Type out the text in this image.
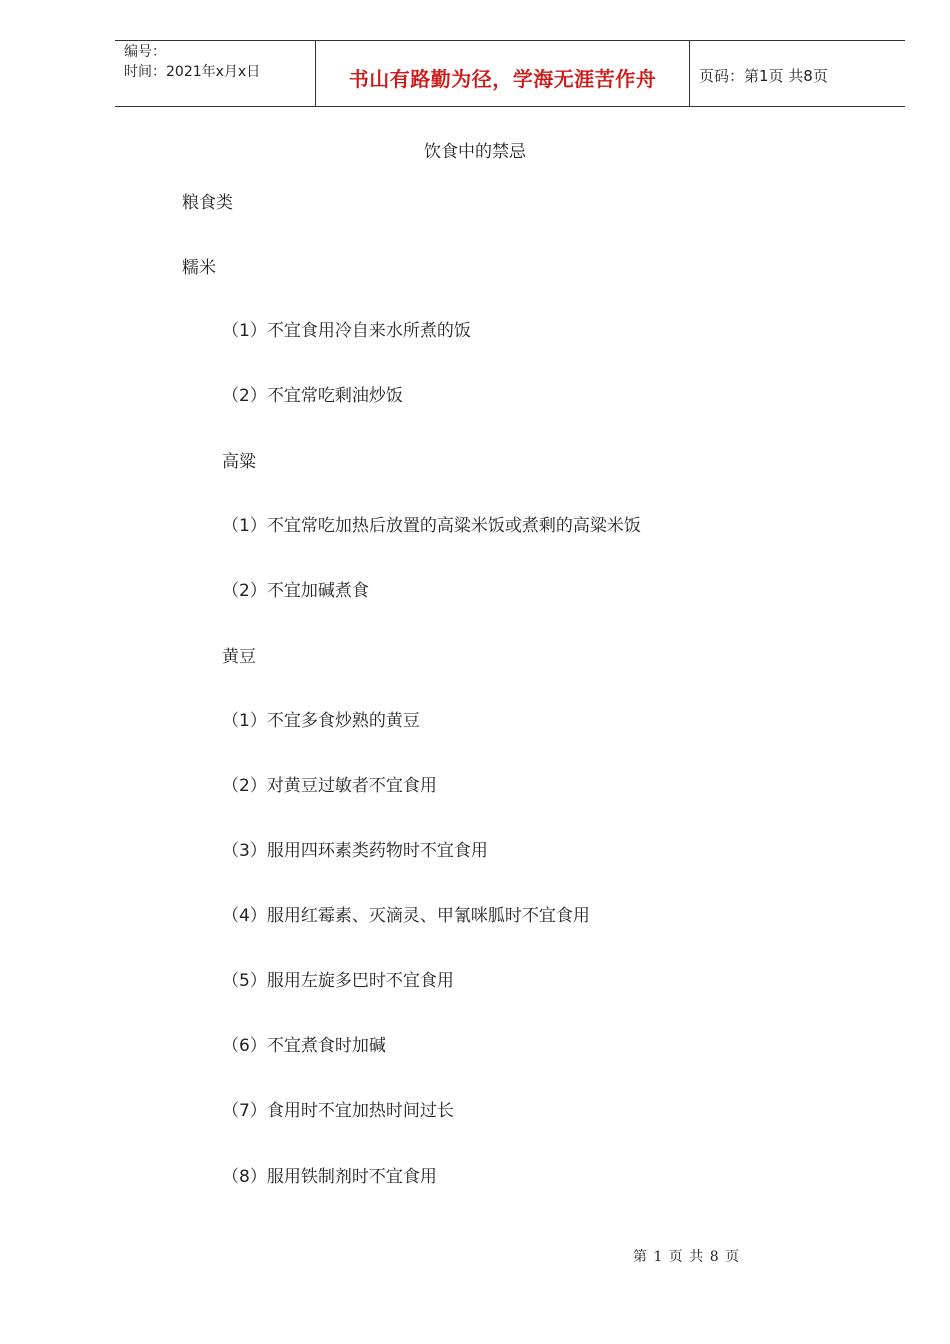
编号：
时间：2021年x月x日	书山有路勤为径，学海无涯苦作舟	页码：第1页 共8页
饮食中的禁忌
粮食类
糯米
（1）不宜食用冷自来水所煮的饭
（2）不宜常吃剩油炒饭
高粱
（1）不宜常吃加热后放置的高粱米饭或煮剩的高粱米饭
（2）不宜加碱煮食
黄豆
（1）不宜多食炒熟的黄豆
（2）对黄豆过敏者不宜食用
（3）服用四环素类药物时不宜食用
（4）服用红霉素、灭滴灵、甲氰咪胍时不宜食用
（5）服用左旋多巴时不宜食用
（6）不宜煮食时加碱
（7）食用时不宜加热时间过长
（8）服用铁制剂时不宜食用
第 1 页 共 8 页
